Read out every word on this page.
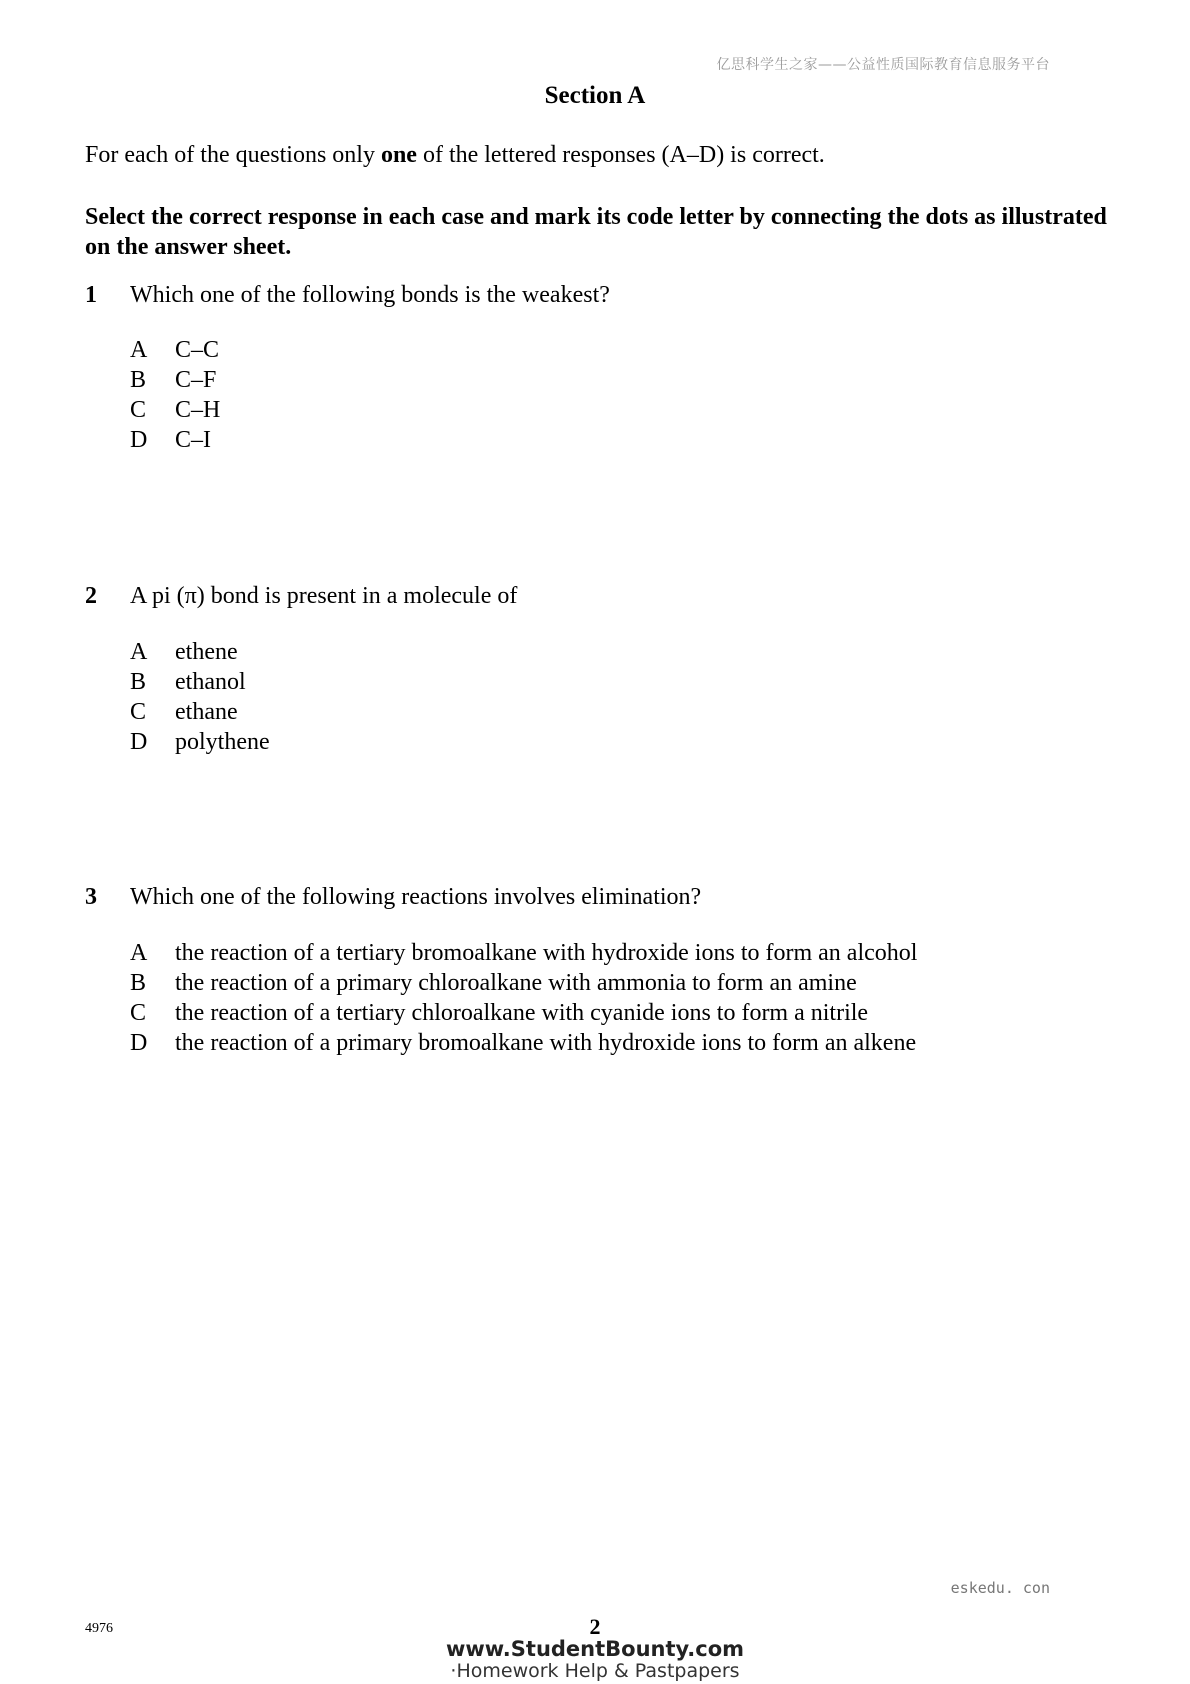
亿思科学生之家——公益性质国际教育信息服务平台
Section A
For each of the questions only one of the lettered responses (A–D) is correct.
Select the correct response in each case and mark its code letter by connecting the dots as illustrated on the answer sheet.
1 Which one of the following bonds is the weakest?
A C–C
B C–F
C C–H
D C–I
2 A pi (π) bond is present in a molecule of
A ethene
B ethanol
C ethane
D polythene
3 Which one of the following reactions involves elimination?
A the reaction of a tertiary bromoalkane with hydroxide ions to form an alcohol
B the reaction of a primary chloroalkane with ammonia to form an amine
C the reaction of a tertiary chloroalkane with cyanide ions to form a nitrile
D the reaction of a primary bromoalkane with hydroxide ions to form an alkene
eskedu. con
4976	2
www.StudentBounty.com
·Homework Help & Pastpapers
